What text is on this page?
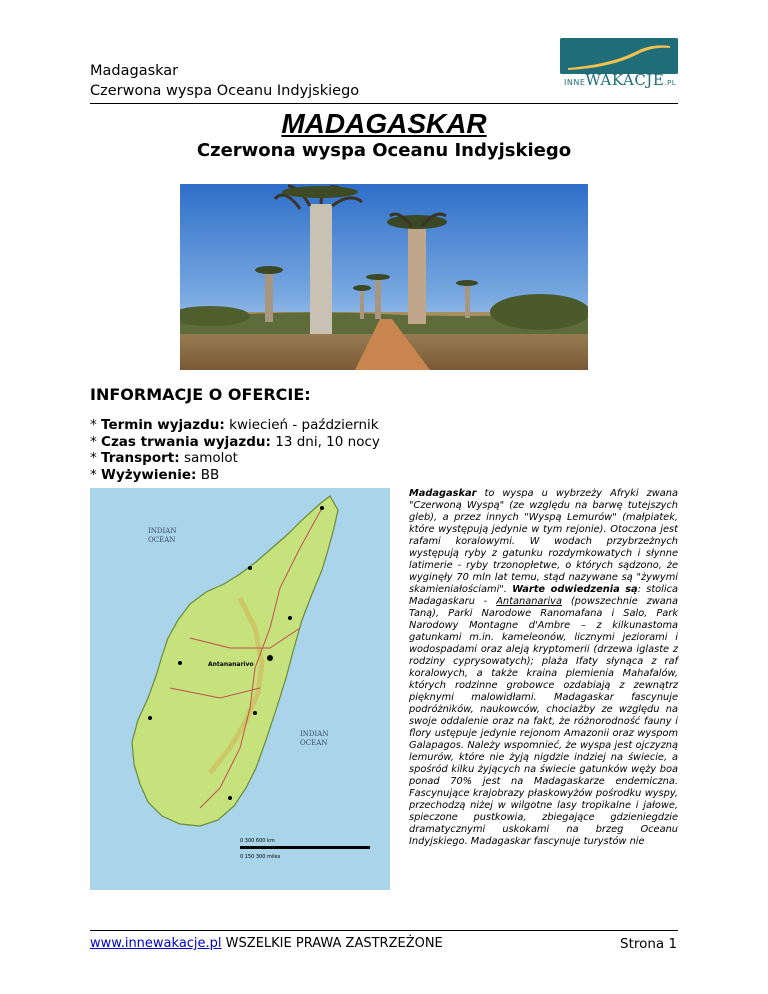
Madagaskar
Czerwona wyspa Oceanu Indyjskiego
INNEWAKACJE.PL
MADAGASKAR
Czerwona wyspa Oceanu Indyjskiego
INFORMACJE O OFERCIE:
* Termin wyjazdu: kwiecień - październik
* Czas trwania wyjazdu: 13 dni, 10 nocy
* Transport: samolot
* Wyżywienie: BB
INDIAN
OCEAN
INDIAN
OCEAN
Antananarivo
0 300 600 km
0 150 300 miles
Madagaskar to wyspa u wybrzeży Afryki zwana "Czerwoną Wyspą" (ze względu na barwę tutejszych gleb), a przez innych "Wyspą Lemurów" (małpiatek, które występują jedynie w tym rejonie). Otoczona jest rafami koralowymi. W wodach przybrzeżnych występują ryby z gatunku rozdymkowatych i słynne latimerie - ryby trzonopłetwe, o których sądzono, że wyginęły 70 mln lat temu, stąd nazywane są "żywymi skamieniałościami". Warte odwiedzenia są: stolica Madagaskaru - Antananariva (powszechnie zwana Taną), Parki Narodowe Ranomafana i Salo, Park Narodowy Montagne d'Ambre – z kilkunastoma gatunkami m.in. kameleonów, licznymi jeziorami i wodospadami oraz aleją kryptomerii (drzewa iglaste z rodziny cyprysowatych); plaża Ifaty słynąca z raf koralowych, a także kraina plemienia Mahafalów, których rodzinne grobowce ozdabiają z zewnątrz pięknymi malowidłami. Madagaskar fascynuje podróżników, naukowców, chociażby ze względu na swoje oddalenie oraz na fakt, że różnorodność fauny i flory ustępuje jedynie rejonom Amazonii oraz wyspom Galapagos. Należy wspomnieć, że wyspa jest ojczyzną lemurów, które nie żyją nigdzie indziej na świecie, a spośród kilku żyjących na świecie gatunków węży boa ponad 70% jest na Madagaskarze endemiczna. Fascynujące krajobrazy płaskowyżów pośrodku wyspy, przechodzą niżej w wilgotne lasy tropikalne i jałowe, spieczone pustkowia, zbiegające gdzieniegdzie dramatycznymi uskokami na brzeg Oceanu Indyjskiego. Madagaskar fascynuje turystów nie
www.innewakacje.pl WSZELKIE PRAWA ZASTRZEŻONE	Strona 1
